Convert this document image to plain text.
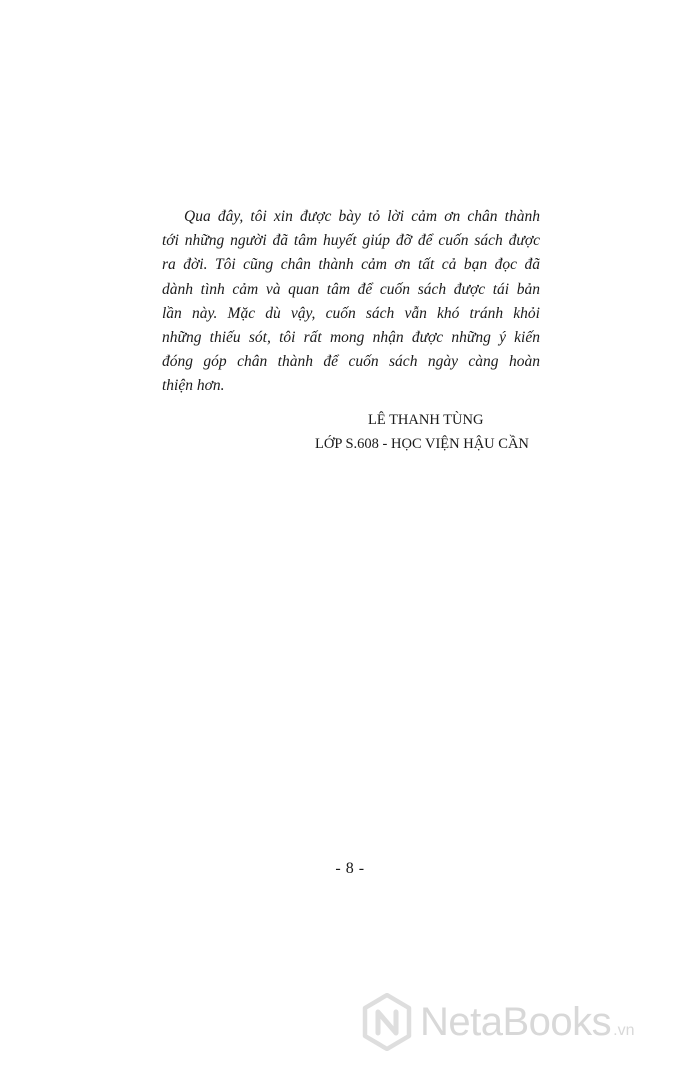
Qua đây, tôi xin được bày tỏ lời cảm ơn chân thành
tới những người đã tâm huyết giúp đỡ để cuốn sách được
ra đời. Tôi cũng chân thành cảm ơn tất cả bạn đọc đã
dành tình cảm và quan tâm để cuốn sách được tái bản
lần này. Mặc dù vậy, cuốn sách vẫn khó tránh khỏi
những thiếu sót, tôi rất mong nhận được những ý kiến
đóng góp chân thành để cuốn sách ngày càng hoàn
thiện hơn.
LÊ THANH TÙNG
LỚP S.608 - HỌC VIỆN HẬU CẦN
- 8 -
NetaBooks .vn
